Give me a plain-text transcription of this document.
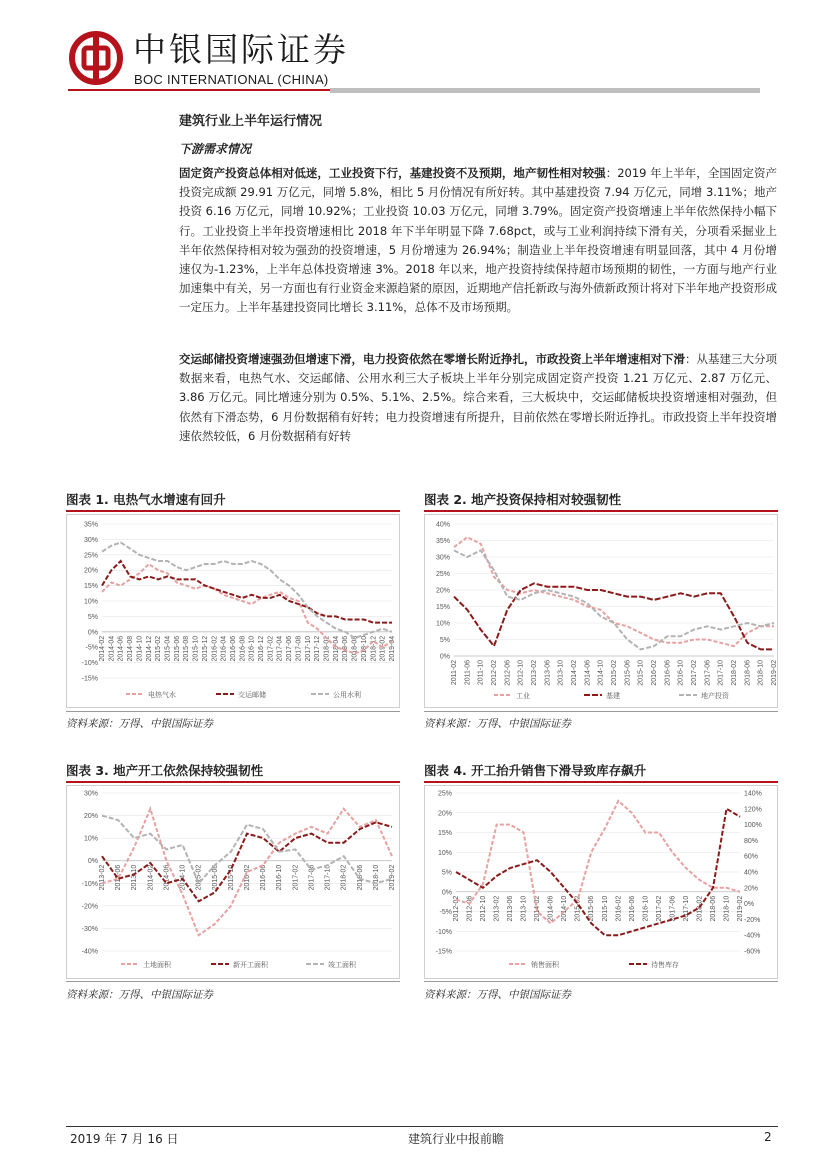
中银国际证券
BOC INTERNATIONAL (CHINA)
建筑行业上半年运行情况
下游需求情况
固定资产投资总体相对低迷，工业投资下行，基建投资不及预期，地产韧性相对较强：2019 年上半年，全国固定资产投资完成额 29.91 万亿元，同增 5.8%，相比 5 月份情况有所好转。其中基建投资 7.94 万亿元，同增 3.11%；地产投资 6.16 万亿元，同增 10.92%；工业投资 10.03 万亿元，同增 3.79%。固定资产投资增速上半年依然保持小幅下行。工业投资上半年投资增速相比 2018 年下半年明显下降 7.68pct，或与工业利润持续下滑有关，分项看采掘业上半年依然保持相对较为强劲的投资增速，5 月份增速为 26.94%；制造业上半年投资增速有明显回落，其中 4 月份增速仅为-1.23%，上半年总体投资增速 3%。2018 年以来，地产投资持续保持超市场预期的韧性，一方面与地产行业加速集中有关，另一方面也有行业资金来源趋紧的原因，近期地产信托新政与海外债新政预计将对下半年地产投资形成一定压力。上半年基建投资同比增长 3.11%，总体不及市场预期。
交运邮储投资增速强劲但增速下滑，电力投资依然在零增长附近挣扎，市政投资上半年增速相对下滑：从基建三大分项数据来看，电热气水、交运邮储、公用水利三大子板块上半年分别完成固定资产投资 1.21 万亿元、2.87 万亿元、3.86 万亿元。同比增速分别为 0.5%、5.1%、2.5%。综合来看，三大板块中，交运邮储板块投资增速相对强劲，但依然有下滑态势，6 月份数据稍有好转；电力投资增速有所提升，目前依然在零增长附近挣扎。市政投资上半年投资增速依然较低，6 月份数据稍有好转
图表 1. 电热气水增速有回升
35%
30%
25%
20%
15%
10%
5%
0%
-5%
-10%
-15%
2014-02 2014-04 2014-06 2014-08 2014-10 2014-12 2015-02 2015-04 2015-06 2015-08 2015-10 2015-12 2016-02 2016-04 2016-06 2016-08 2016-10 2016-12 2017-02 2017-04 2017-06 2017-08 2017-10 2017-12 2018-02 2018-04 2018-06 2018-08 2018-10 2018-12 2019-02 2019-04
电热气水	交运邮储	公用水利
资料来源：万得、中银国际证券
图表 2. 地产投资保持相对较强韧性
40%
35%
30%
25%
20%
15%
10%
5%
0%
2011-02 2011-06 2011-10 2012-02 2012-06 2012-10 2013-02 2013-06 2013-10 2014-02 2014-06 2014-10 2015-02 2015-06 2015-10 2016-02 2016-06 2016-10 2017-02 2017-06 2017-10 2018-02 2018-06 2018-10 2019-02
工业	基建	地产投资
资料来源：万得、中银国际证券
图表 3. 地产开工依然保持较强韧性
30%
20%
10%
0%
-10%
-20%
-30%
-40%
2013-02 2013-06 2013-10 2014-02 2014-06 2014-10 2015-02 2015-06 2015-10 2016-02 2016-06 2016-10 2017-02 2017-06 2017-10 2018-02 2018-06 2018-10 2019-02
土地面积	新开工面积	竣工面积
资料来源：万得、中银国际证券
图表 4. 开工抬升销售下滑导致库存飙升
25%
20%
15%
10%
5%
0%
-5%
-10%
-15%
140%
120%
100%
80%
60%
40%
20%
0%
-20%
-40%
-60%
2012-02 2012-06 2012-10 2013-02 2013-06 2013-10 2014-02 2014-06 2014-10 2015-02 2015-06 2015-10 2016-02 2016-06 2016-10 2017-02 2017-06 2017-10 2018-02 2018-06 2018-10 2019-02
销售面积	待售库存
资料来源：万得、中银国际证券
2019 年 7 月 16 日	建筑行业中报前瞻	2
